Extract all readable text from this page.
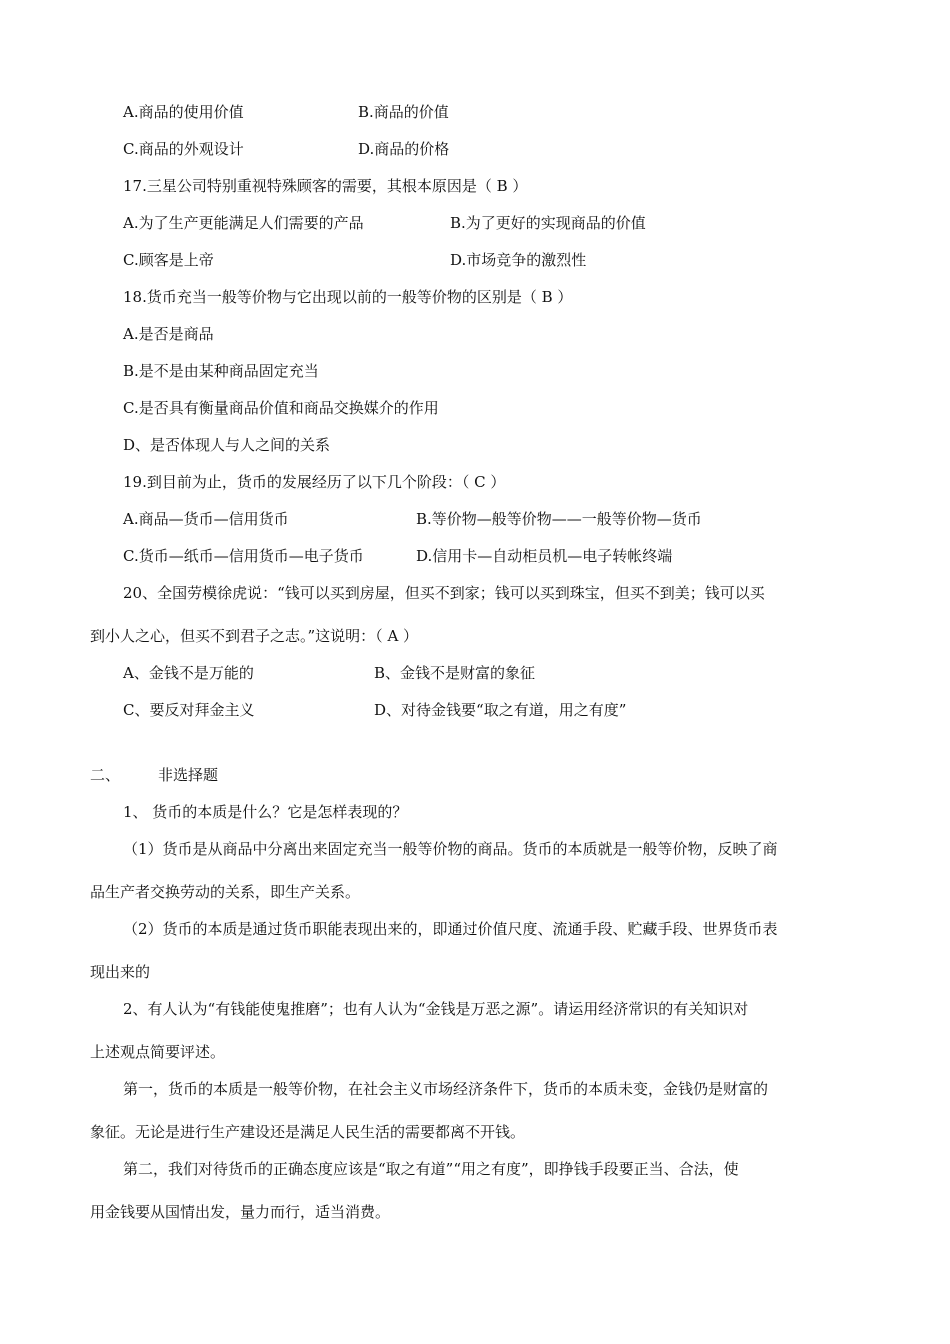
A.商品的使用价值	B.商品的价值
C.商品的外观设计	D.商品的价格
17.三星公司特别重视特殊顾客的需要，其根本原因是（ B ）
A.为了生产更能满足人们需要的产品	B.为了更好的实现商品的价值
C.顾客是上帝	D.市场竞争的激烈性
18.货币充当一般等价物与它出现以前的一般等价物的区别是（ B ）
A.是否是商品
B.是不是由某种商品固定充当
C.是否具有衡量商品价值和商品交换媒介的作用
D、是否体现人与人之间的关系
19.到目前为止，货币的发展经历了以下几个阶段：（ C ）
A.商品—货币—信用货币	B.等价物—般等价物——一般等价物—货币
C.货币—纸币—信用货币—电子货币	D.信用卡—自动柜员机—电子转帐终端
20、全国劳模徐虎说：“钱可以买到房屋，但买不到家；钱可以买到珠宝，但买不到美；钱可以买
到小人之心，但买不到君子之志。”这说明：（ A ）
A、金钱不是万能的	B、金钱不是财富的象征
C、要反对拜金主义	D、对待金钱要“取之有道，用之有度”
二、	非选择题
1、 货币的本质是什么？它是怎样表现的？
（1）货币是从商品中分离出来固定充当一般等价物的商品。货币的本质就是一般等价物，反映了商
品生产者交换劳动的关系，即生产关系。
（2）货币的本质是通过货币职能表现出来的，即通过价值尺度、流通手段、贮藏手段、世界货币表
现出来的
2、有人认为“有钱能使鬼推磨”；也有人认为“金钱是万恶之源”。请运用经济常识的有关知识对
上述观点简要评述。
第一，货币的本质是一般等价物，在社会主义市场经济条件下，货币的本质未变，金钱仍是财富的
象征。无论是进行生产建设还是满足人民生活的需要都离不开钱。
第二，我们对待货币的正确态度应该是“取之有道”“用之有度”，即挣钱手段要正当、合法，使
用金钱要从国情出发，量力而行，适当消费。
